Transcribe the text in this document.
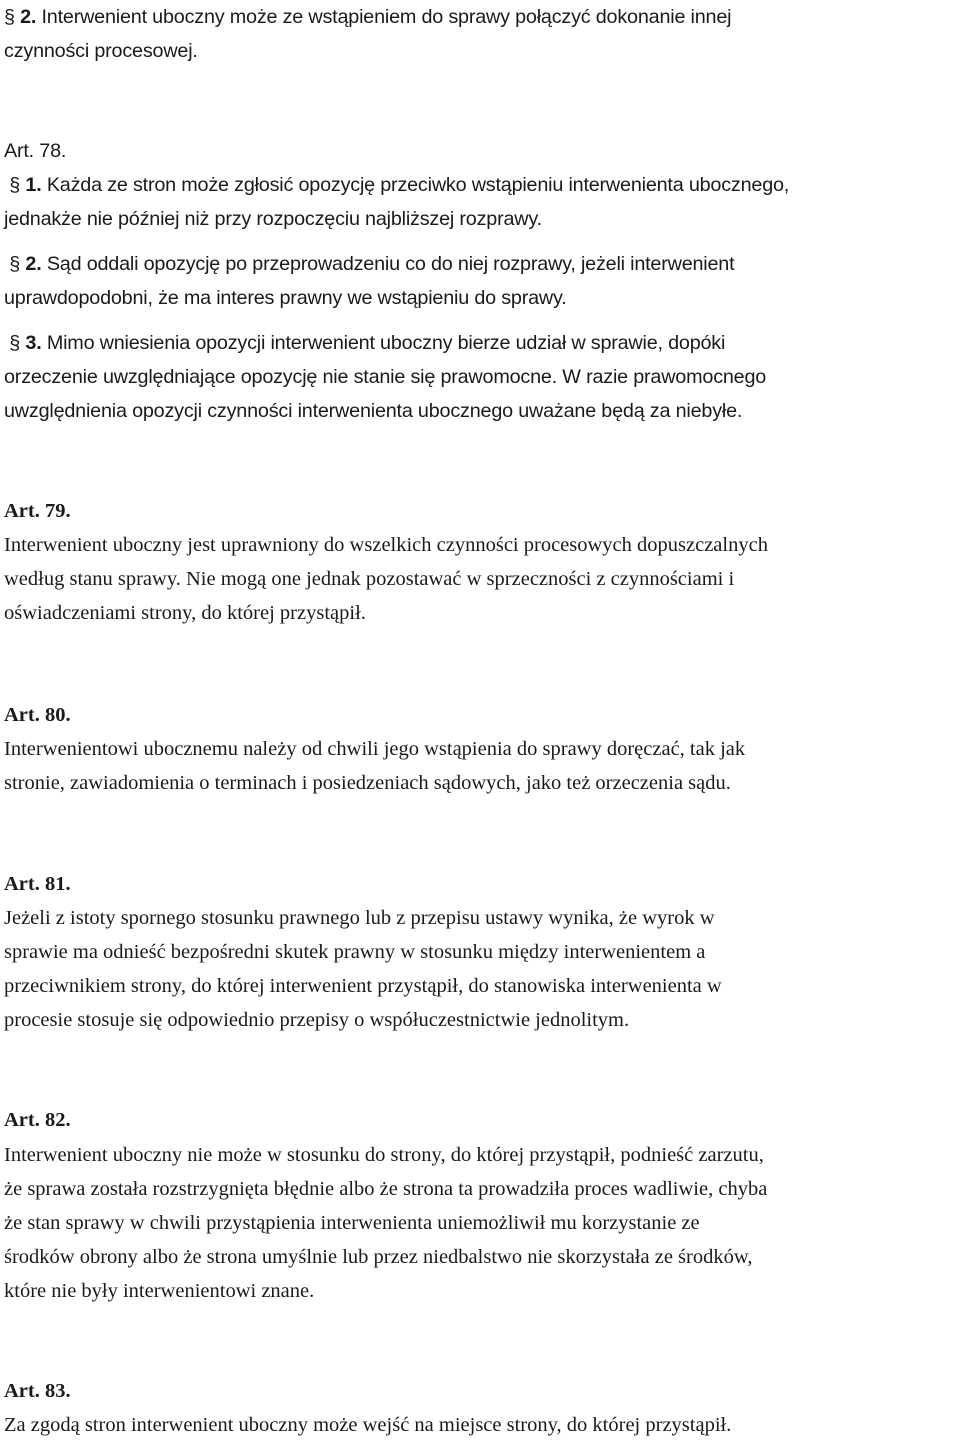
§ 2. Interwenient uboczny może ze wstąpieniem do sprawy połączyć dokonanie innej
czynności procesowej.
Art. 78.
§ 1. Każda ze stron może zgłosić opozycję przeciwko wstąpieniu interwenienta ubocznego,
jednakże nie później niż przy rozpoczęciu najbliższej rozprawy.
§ 2. Sąd oddali opozycję po przeprowadzeniu co do niej rozprawy, jeżeli interwenient
uprawdopodobni, że ma interes prawny we wstąpieniu do sprawy.
§ 3. Mimo wniesienia opozycji interwenient uboczny bierze udział w sprawie, dopóki
orzeczenie uwzględniające opozycję nie stanie się prawomocne. W razie prawomocnego
uwzględnienia opozycji czynności interwenienta ubocznego uważane będą za niebyłe.
Art. 79.
Interwenient uboczny jest uprawniony do wszelkich czynności procesowych dopuszczalnych
według stanu sprawy. Nie mogą one jednak pozostawać w sprzeczności z czynnościami i
oświadczeniami strony, do której przystąpił.
Art. 80.
Interwenientowi ubocznemu należy od chwili jego wstąpienia do sprawy doręczać, tak jak
stronie, zawiadomienia o terminach i posiedzeniach sądowych, jako też orzeczenia sądu.
Art. 81.
Jeżeli z istoty spornego stosunku prawnego lub z przepisu ustawy wynika, że wyrok w
sprawie ma odnieść bezpośredni skutek prawny w stosunku między interwenientem a
przeciwnikiem strony, do której interwenient przystąpił, do stanowiska interwenienta w
procesie stosuje się odpowiednio przepisy o współuczestnictwie jednolitym.
Art. 82.
Interwenient uboczny nie może w stosunku do strony, do której przystąpił, podnieść zarzutu,
że sprawa została rozstrzygnięta błędnie albo że strona ta prowadziła proces wadliwie, chyba
że stan sprawy w chwili przystąpienia interwenienta uniemożliwił mu korzystanie ze
środków obrony albo że strona umyślnie lub przez niedbalstwo nie skorzystała ze środków,
które nie były interwenientowi znane.
Art. 83.
Za zgodą stron interwenient uboczny może wejść na miejsce strony, do której przystąpił.
